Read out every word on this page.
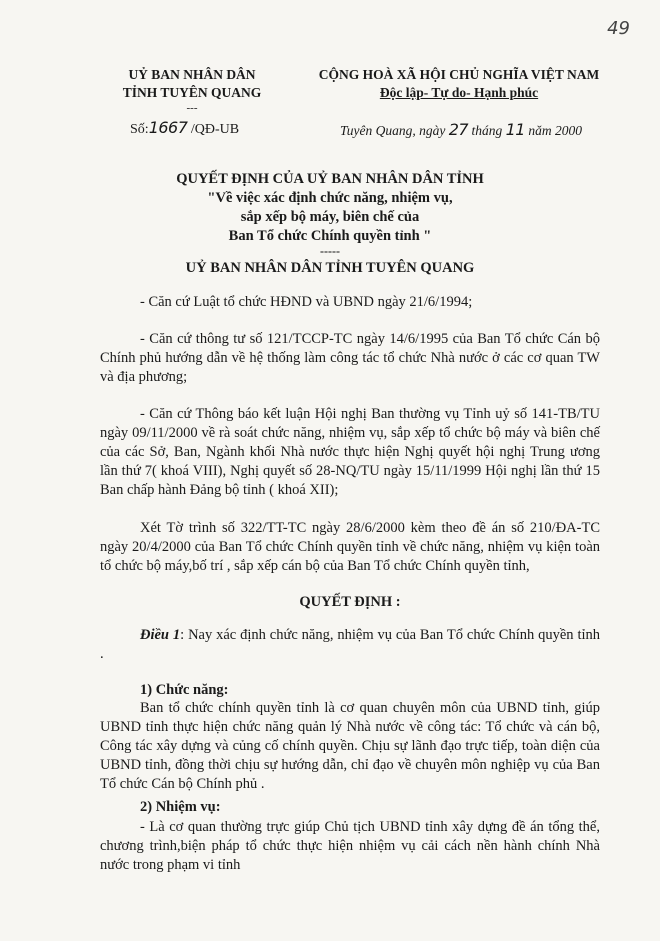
49
UỶ BAN NHÂN DÂN
TỈNH TUYÊN QUANG
---
CỘNG HOÀ XÃ HỘI CHỦ NGHĨA VIỆT NAM
Độc lập- Tự do- Hạnh phúc
Số:1667 /QĐ-UB	Tuyên Quang, ngày 27 tháng 11 năm 2000
QUYẾT ĐỊNH CỦA UỶ BAN NHÂN DÂN TỈNH
"Về việc xác định chức năng, nhiệm vụ,
sắp xếp bộ máy, biên chế của
Ban Tổ chức Chính quyền tỉnh "
-----
UỶ BAN NHÂN DÂN TỈNH TUYÊN QUANG
- Căn cứ Luật tổ chức HĐND và UBND ngày 21/6/1994;
- Căn cứ thông tư số 121/TCCP-TC ngày 14/6/1995 của Ban Tổ chức Cán bộ Chính phủ hướng dẫn về hệ thống làm công tác tổ chức Nhà nước ở các cơ quan TW và địa phương;
- Căn cứ Thông báo kết luận Hội nghị Ban thường vụ Tỉnh uỷ số 141-TB/TU ngày 09/11/2000 về rà soát chức năng, nhiệm vụ, sắp xếp tổ chức bộ máy và biên chế của các Sở, Ban, Ngành khối Nhà nước thực hiện Nghị quyết hội nghị Trung ương lần thứ 7( khoá VIII), Nghị quyết số 28-NQ/TU ngày 15/11/1999 Hội nghị lần thứ 15 Ban chấp hành Đảng bộ tỉnh ( khoá XII);
Xét Tờ trình số 322/TT-TC ngày 28/6/2000 kèm theo đề án số 210/ĐA-TC ngày 20/4/2000 của Ban Tổ chức Chính quyền tỉnh về chức năng, nhiệm vụ kiện toàn tổ chức bộ máy,bố trí , sắp xếp cán bộ của Ban Tổ chức Chính quyền tỉnh,
QUYẾT ĐỊNH :
Điều 1: Nay xác định chức năng, nhiệm vụ của Ban Tổ chức Chính quyền tỉnh .
1) Chức năng:
Ban tổ chức chính quyền tỉnh là cơ quan chuyên môn của UBND tỉnh, giúp UBND tỉnh thực hiện chức năng quản lý Nhà nước về công tác: Tổ chức và cán bộ, Công tác xây dựng và củng cố chính quyền. Chịu sự lãnh đạo trực tiếp, toàn diện của UBND tỉnh, đồng thời chịu sự hướng dẫn, chỉ đạo về chuyên môn nghiệp vụ của Ban Tổ chức Cán bộ Chính phủ .
2) Nhiệm vụ:
- Là cơ quan thường trực giúp Chủ tịch UBND tỉnh xây dựng đề án tổng thể, chương trình,biện pháp tổ chức thực hiện nhiệm vụ cải cách nền hành chính Nhà nước trong phạm vi tỉnh
